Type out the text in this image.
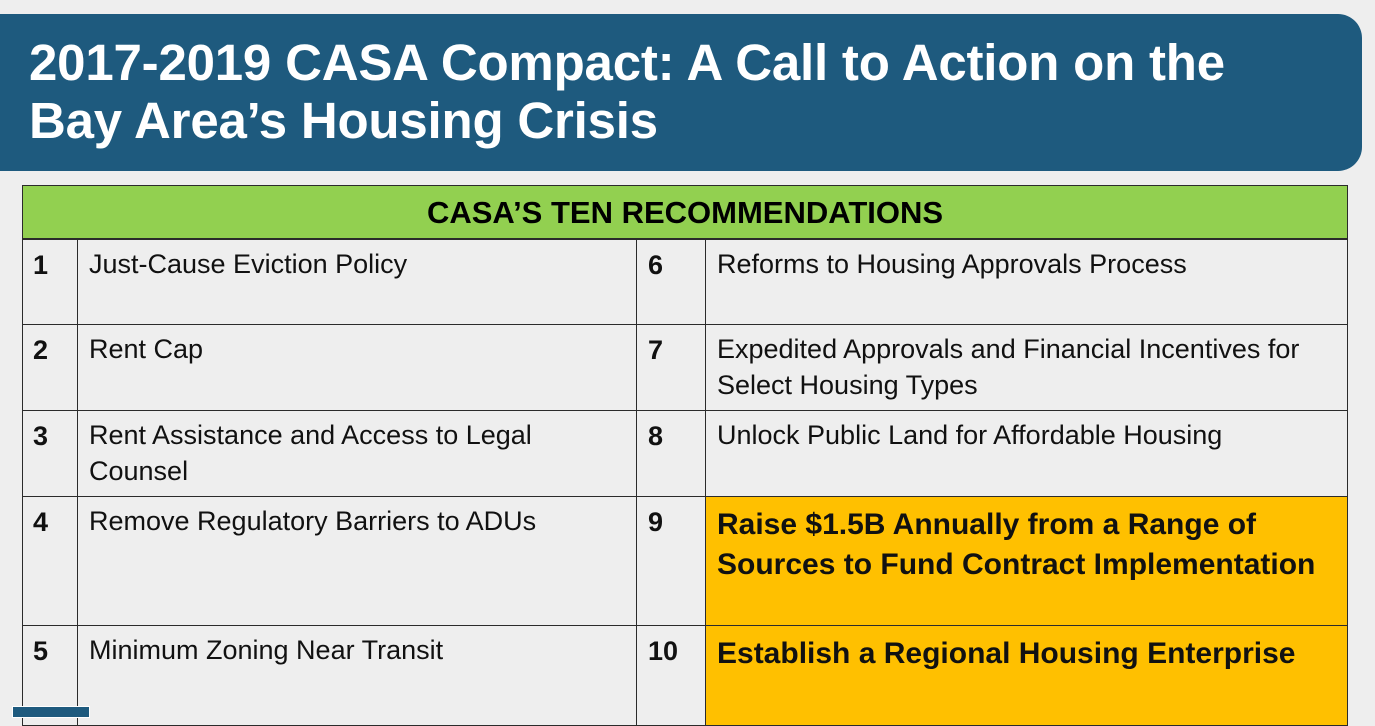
2017-2019 CASA Compact: A Call to Action on the
Bay Area’s Housing Crisis
CASA’S TEN RECOMMENDATIONS			
1	Just-Cause Eviction Policy	6	Reforms to Housing Approvals Process
2	Rent Cap	7	Expedited Approvals and Financial Incentives for Select Housing Types
3	Rent Assistance and Access to Legal Counsel	8	Unlock Public Land for Affordable Housing
4	Remove Regulatory Barriers to ADUs	9	Raise $1.5B Annually from a Range of Sources to Fund Contract Implementation
5	Minimum Zoning Near Transit	10	Establish a Regional Housing Enterprise
